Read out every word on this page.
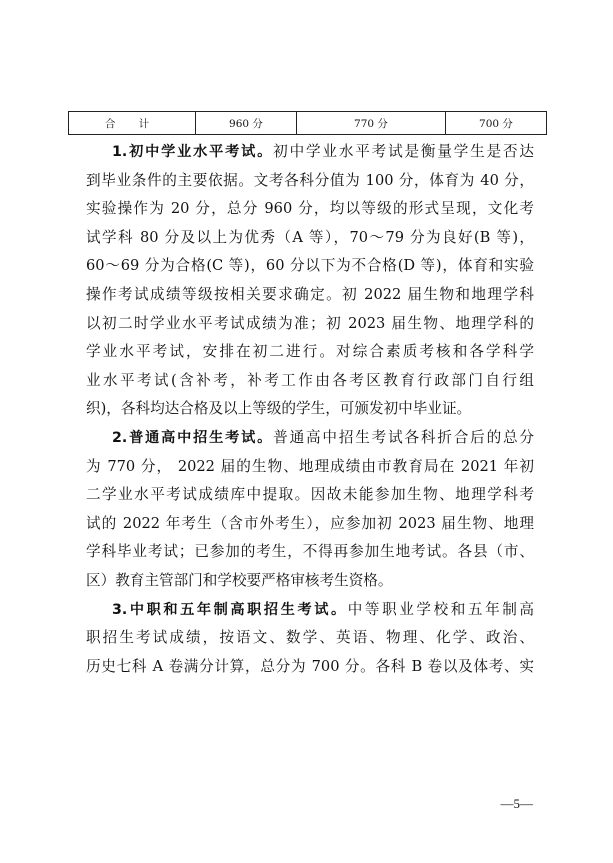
合 计	960 分	770 分	700 分
1.初中学业水平考试。初中学业水平考试是衡量学生是否达
到毕业条件的主要依据。文考各科分值为 100 分，体育为 40 分，
实验操作为 20 分，总分 960 分，均以等级的形式呈现，文化考
试学科 80 分及以上为优秀（A 等），70～79 分为良好(B 等)，
60～69 分为合格(C 等)，60 分以下为不合格(D 等)，体育和实验
操作考试成绩等级按相关要求确定。初 2022 届生物和地理学科
以初二时学业水平考试成绩为准；初 2023 届生物、地理学科的
学业水平考试，安排在初二进行。对综合素质考核和各学科学
业水平考试(含补考，补考工作由各考区教育行政部门自行组
织)，各科均达合格及以上等级的学生，可颁发初中毕业证。
2.普通高中招生考试。普通高中招生考试各科折合后的总分
为 770 分， 2022 届的生物、地理成绩由市教育局在 2021 年初
二学业水平考试成绩库中提取。因故未能参加生物、地理学科考
试的 2022 年考生（含市外考生），应参加初 2023 届生物、地理
学科毕业考试；已参加的考生，不得再参加生地考试。各县（市、
区）教育主管部门和学校要严格审核考生资格。
3.中职和五年制高职招生考试。中等职业学校和五年制高
职招生考试成绩，按语文、数学、英语、物理、化学、政治、
历史七科 A 卷满分计算，总分为 700 分。各科 B 卷以及体考、实
—5—
